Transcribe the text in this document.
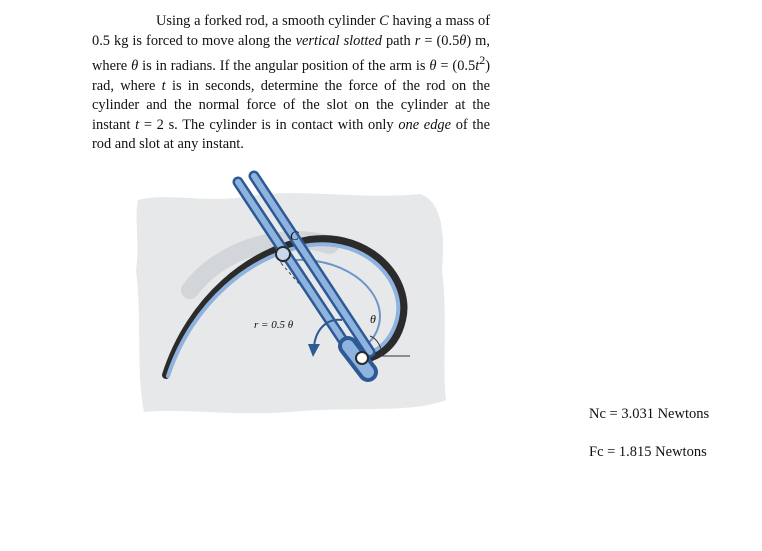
Using a forked rod, a smooth cylinder C having a mass of 0.5 kg is forced to move along the vertical slotted path r = (0.5θ) m, where θ is in radians. If the angular position of the arm is $\theta = (0.5t^2)$ rad, where t is in seconds, determine the force of the rod on the cylinder and the normal force of the slot on the cylinder at the instant t = 2 s. The cylinder is in contact with only one edge of the rod and slot at any instant.
C
r = 0.5 θ	θ
Nc = 3.031 Newtons
Fc = 1.815 Newtons
